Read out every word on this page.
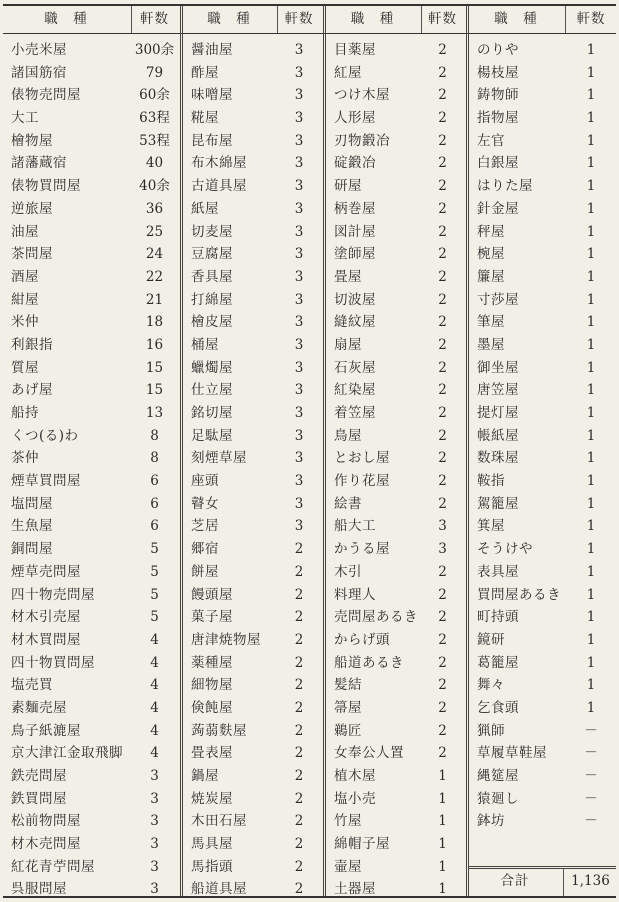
職　種	軒数
小売米屋	300余
諸国筋宿	79
俵物売問屋	60余
大工	63程
檜物屋	53程
諸藩蔵宿	40
俵物買問屋	40余
逆旅屋	36
油屋	25
茶問屋	24
酒屋	22
紺屋	21
米仲	18
利銀指	16
質屋	15
あげ屋	15
船持	13
くつ(る)わ	8
茶仲	8
煙草買問屋	6
塩問屋	6
生魚屋	6
銅問屋	5
煙草売問屋	5
四十物売問屋	5
材木引売屋	5
材木買問屋	4
四十物買問屋	4
塩売買	4
素麵売屋	4
鳥子紙漉屋	4
京大津江金取飛脚	4
鉄売問屋	3
鉄買問屋	3
松前物問屋	3
材木売問屋	3
紅花青苧問屋	3
呉服問屋	3
職　種	軒数
醤油屋	3
酢屋	3
味噌屋	3
糀屋	3
昆布屋	3
布木綿屋	3
古道具屋	3
紙屋	3
切麦屋	3
豆腐屋	3
香具屋	3
打綿屋	3
檜皮屋	3
桶屋	3
蠟燭屋	3
仕立屋	3
銘切屋	3
足駄屋	3
刻煙草屋	3
座頭	3
瞽女	3
芝居	3
郷宿	2
餅屋	2
饅頭屋	2
菓子屋	2
唐津焼物屋	2
薬種屋	2
細物屋	2
倹飩屋	2
蒟蒻麩屋	2
畳表屋	2
鍋屋	2
焼炭屋	2
木田石屋	2
馬具屋	2
馬指頭	2
船道具屋	2
職　種	軒数
目薬屋	2
紅屋	2
つけ木屋	2
人形屋	2
刃物鍛冶	2
碇鍛冶	2
研屋	2
柄巻屋	2
図計屋	2
塗師屋	2
畳屋	2
切波屋	2
縫紋屋	2
扇屋	2
石灰屋	2
紅染屋	2
着笠屋	2
鳥屋	2
とおし屋	2
作り花屋	2
絵書	2
船大工	3
かうる屋	3
木引	2
料理人	2
売問屋あるき	2
からげ頭	2
船道あるき	2
髪結	2
箒屋	2
鵜匠	2
女奉公人置	2
植木屋	1
塩小売	1
竹屋	1
綿帽子屋	1
壷屋	1
土器屋	1
職　種	軒数
のりや	1
楊枝屋	1
鋳物師	1
指物屋	1
左官	1
白銀屋	1
はりた屋	1
針金屋	1
秤屋	1
椀屋	1
簾屋	1
寸莎屋	1
筆屋	1
墨屋	1
御坐屋	1
唐笠屋	1
提灯屋	1
帳紙屋	1
数珠屋	1
鞍指	1
駕籠屋	1
箕屋	1
そうけや	1
表具屋	1
買問屋あるき	1
町持頭	1
鏡研	1
葛籠屋	1
舞々	1
乞食頭	1
猟師	－
草履草鞋屋	－
縄筵屋	－
猿廻し	－
鉢坊	－
合計	1,136
